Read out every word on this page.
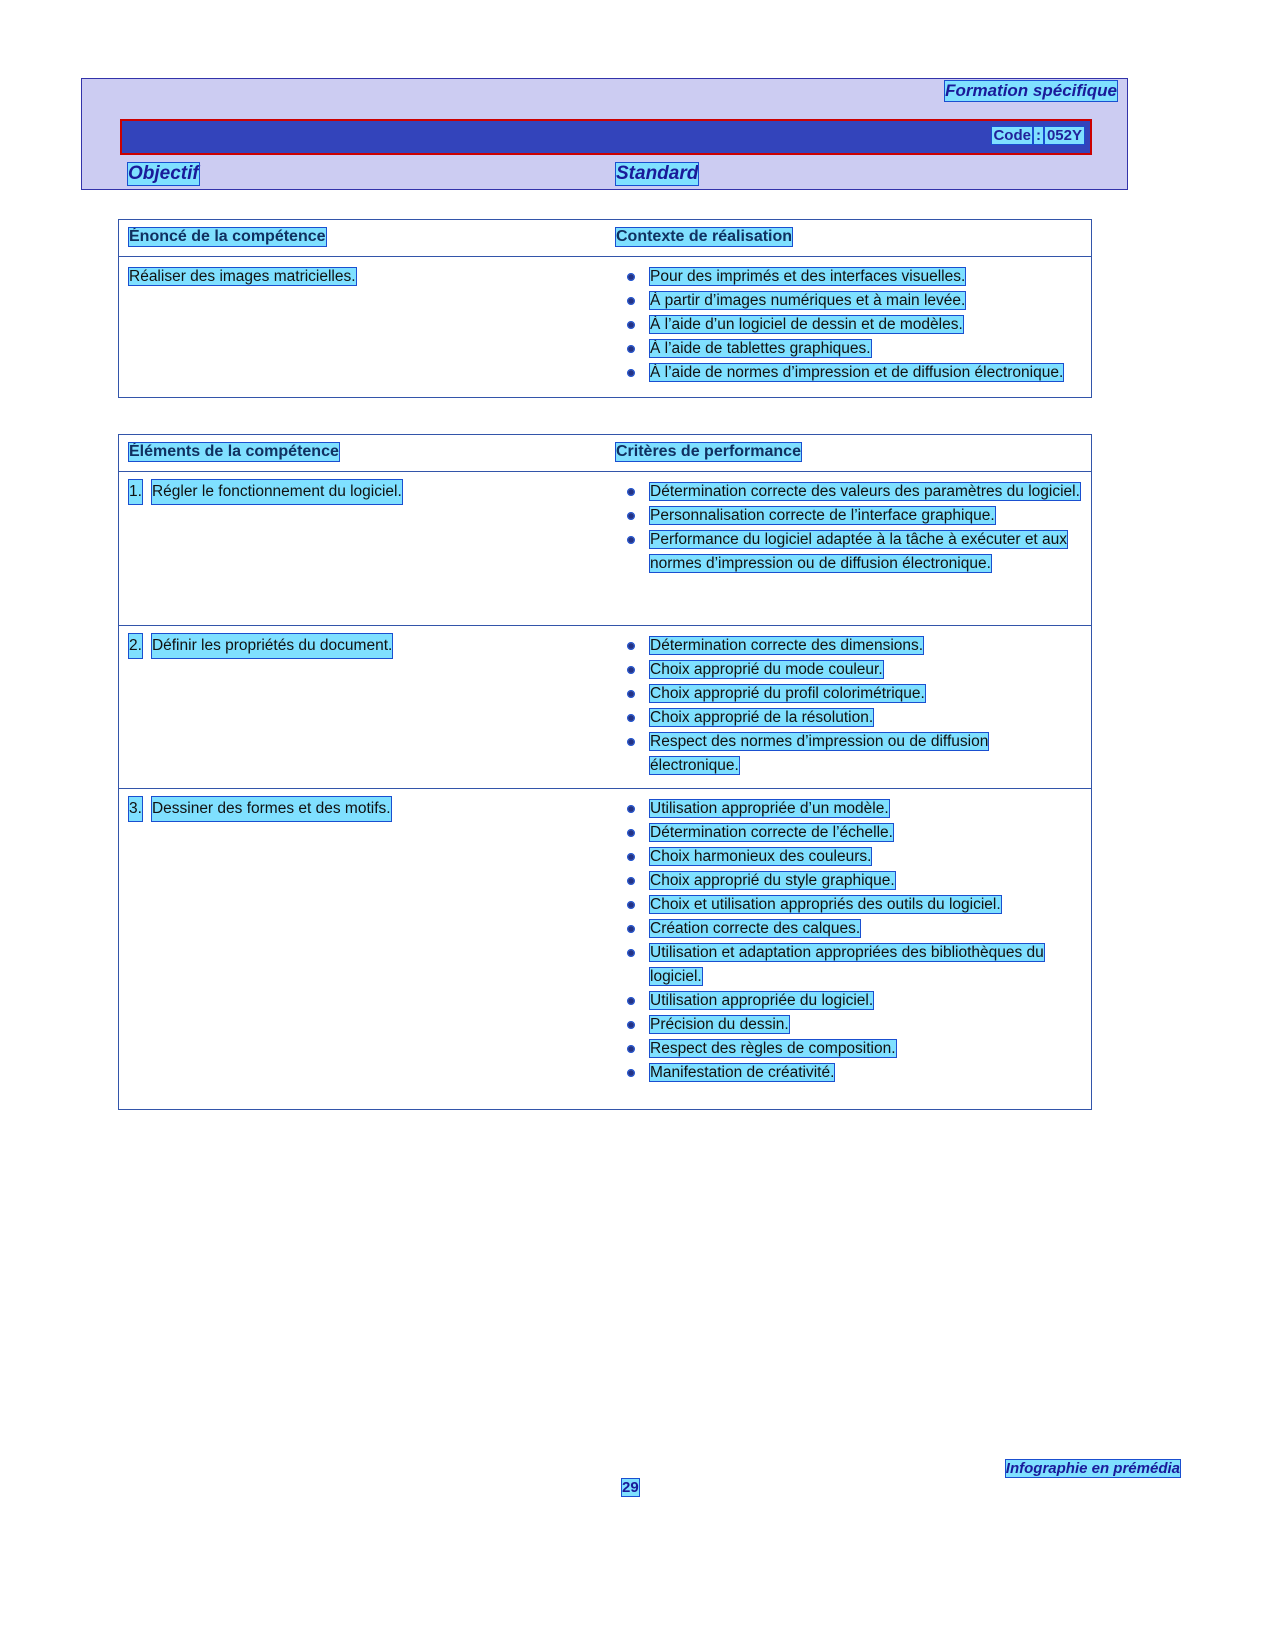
Formation spécifique
Code : 052Y
Objectif	Standard
Énoncé de la compétence	Contexte de réalisation
Réaliser des images matricielles.	Pour des imprimés et des interfaces visuelles.
À partir d’images numériques et à main levée.
À l’aide d’un logiciel de dessin et de modèles.
À l’aide de tablettes graphiques.
À l’aide de normes d’impression et de diffusion électronique.
Éléments de la compétence	Critères de performance
1. Régler le fonctionnement du logiciel.	Détermination correcte des valeurs des paramètres du logiciel.
Personnalisation correcte de l’interface graphique.
Performance du logiciel adaptée à la tâche à exécuter et aux normes d’impression ou de diffusion électronique.
2. Définir les propriétés du document.	Détermination correcte des dimensions.
Choix approprié du mode couleur.
Choix approprié du profil colorimétrique.
Choix approprié de la résolution.
Respect des normes d’impression ou de diffusion électronique.
3. Dessiner des formes et des motifs.	Utilisation appropriée d’un modèle.
Détermination correcte de l’échelle.
Choix harmonieux des couleurs.
Choix approprié du style graphique.
Choix et utilisation appropriés des outils du logiciel.
Création correcte des calques.
Utilisation et adaptation appropriées des bibliothèques du logiciel.
Utilisation appropriée du logiciel.
Précision du dessin.
Respect des règles de composition.
Manifestation de créativité.
29
Infographie en prémédia
